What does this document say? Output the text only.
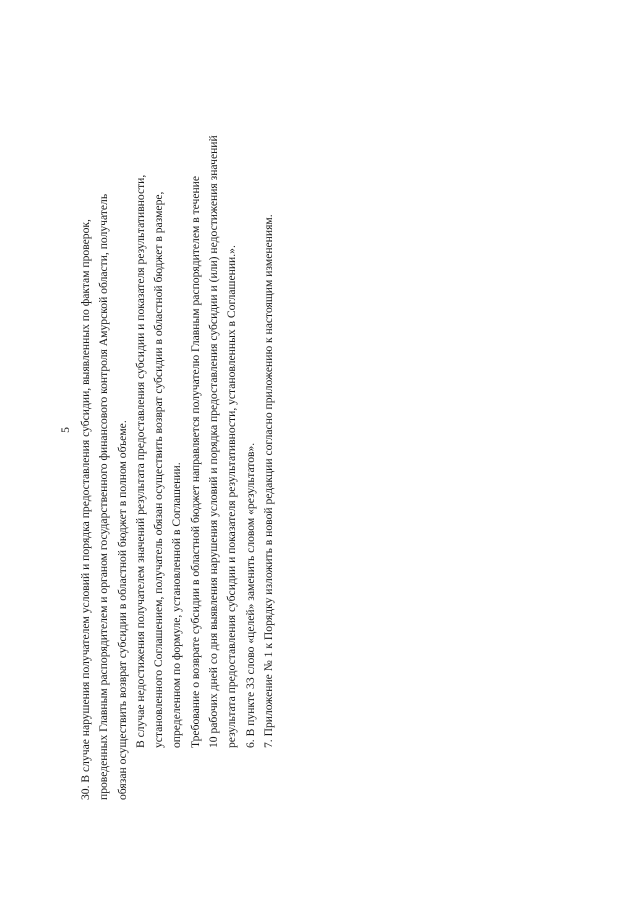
5 30. В случае нарушения получателем условий и порядка предоставления субсидии, выявленных по фактам проверок, проведенных Главным распорядителем и органом государственного финансового контроля Амурской области, получатель обязан осуществить возврат субсидии в областной бюджет в полном объеме. В случае недостижения получателем значений результата предоставления субсидии и показателя результативности, установленного Соглашением, получатель обязан осуществить возврат субсидии в областной бюджет в размере, определенном по формуле, установленной в Соглашении. Требование о возврате субсидии в областной бюджет направляется получателю Главным распорядителем в течение 10 рабочих дней со дня выявления нарушения условий и порядка предоставления субсидии и (или) недостижения значений результата предоставления субсидии и показателя результативности, установленных в Соглашении.». 6. В пункте 33 слово «целей» заменить словом «результатов». 7. Приложение № 1 к Порядку изложить в новой редакции согласно приложению к настоящим изменениям.
